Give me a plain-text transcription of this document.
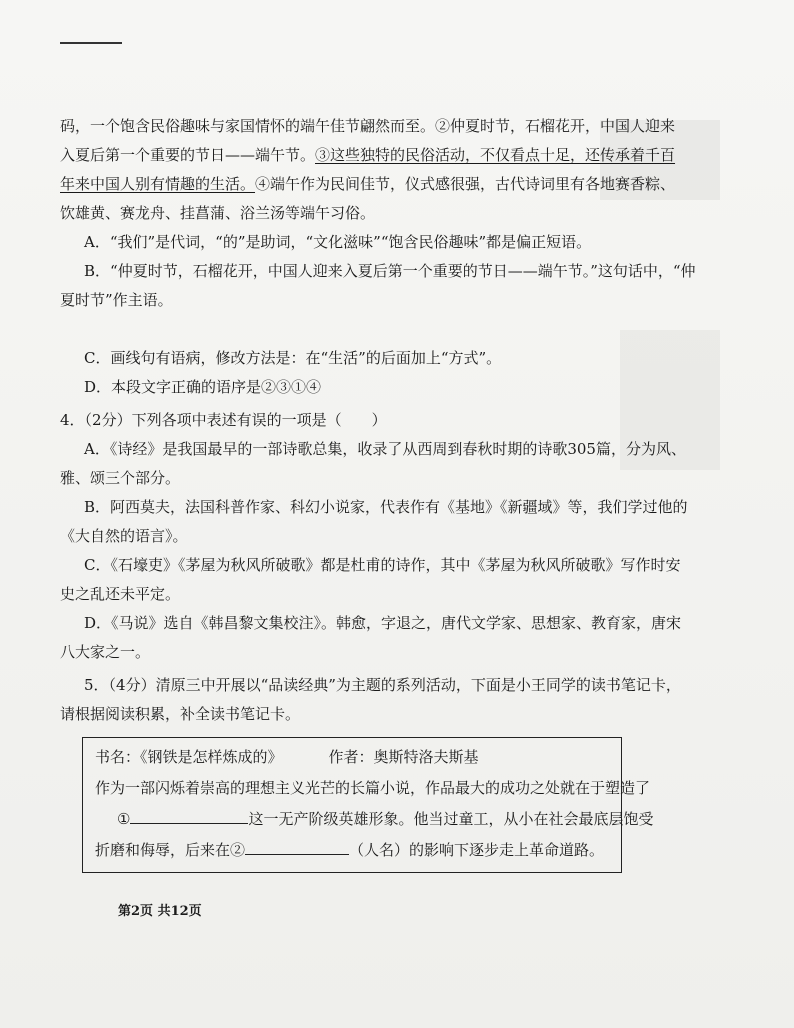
码，一个饱含民俗趣味与家国情怀的端午佳节翩然而至。②仲夏时节，石榴花开，中国人迎来

入夏后第一个重要的节日——端午节。③这些独特的民俗活动，不仅看点十足，还传承着千百

年来中国人别有情趣的生活。④端午作为民间佳节，仪式感很强，古代诗词里有各地赛香粽、

饮雄黄、赛龙舟、挂菖蒲、浴兰汤等端午习俗。

A．“我们”是代词，“的”是助词，“文化滋味”“饱含民俗趣味”都是偏正短语。

B．“仲夏时节，石榴花开，中国人迎来入夏后第一个重要的节日——端午节。”这句话中，“仲

夏时节”作主语。

C．画线句有语病，修改方法是：在“生活”的后面加上“方式”。

D．本段文字正确的语序是②③①④

4．（2分）下列各项中表述有误的一项是（　　）

A．《诗经》是我国最早的一部诗歌总集，收录了从西周到春秋时期的诗歌305篇，分为风、

雅、颂三个部分。

B．阿西莫夫，法国科普作家、科幻小说家，代表作有《基地》《新疆域》等，我们学过他的

《大自然的语言》。

C．《石壕吏》《茅屋为秋风所破歌》都是杜甫的诗作，其中《茅屋为秋风所破歌》写作时安

史之乱还未平定。

D．《马说》选自《韩昌黎文集校注》。韩愈，字退之，唐代文学家、思想家、教育家，唐宋

八大家之一。

5．（4分）清原三中开展以“品读经典”为主题的系列活动，下面是小王同学的读书笔记卡，

请根据阅读积累，补全读书笔记卡。

书名：《钢铁是怎样炼成的》	作者：奥斯特洛夫斯基
作为一部闪烁着崇高的理想主义光芒的长篇小说，作品最大的成功之处就在于塑造了
①	这一无产阶级英雄形象。他当过童工，从小在社会最底层饱受
折磨和侮辱，后来在②	（人名）的影响下逐步走上革命道路。
第2页 共12页
